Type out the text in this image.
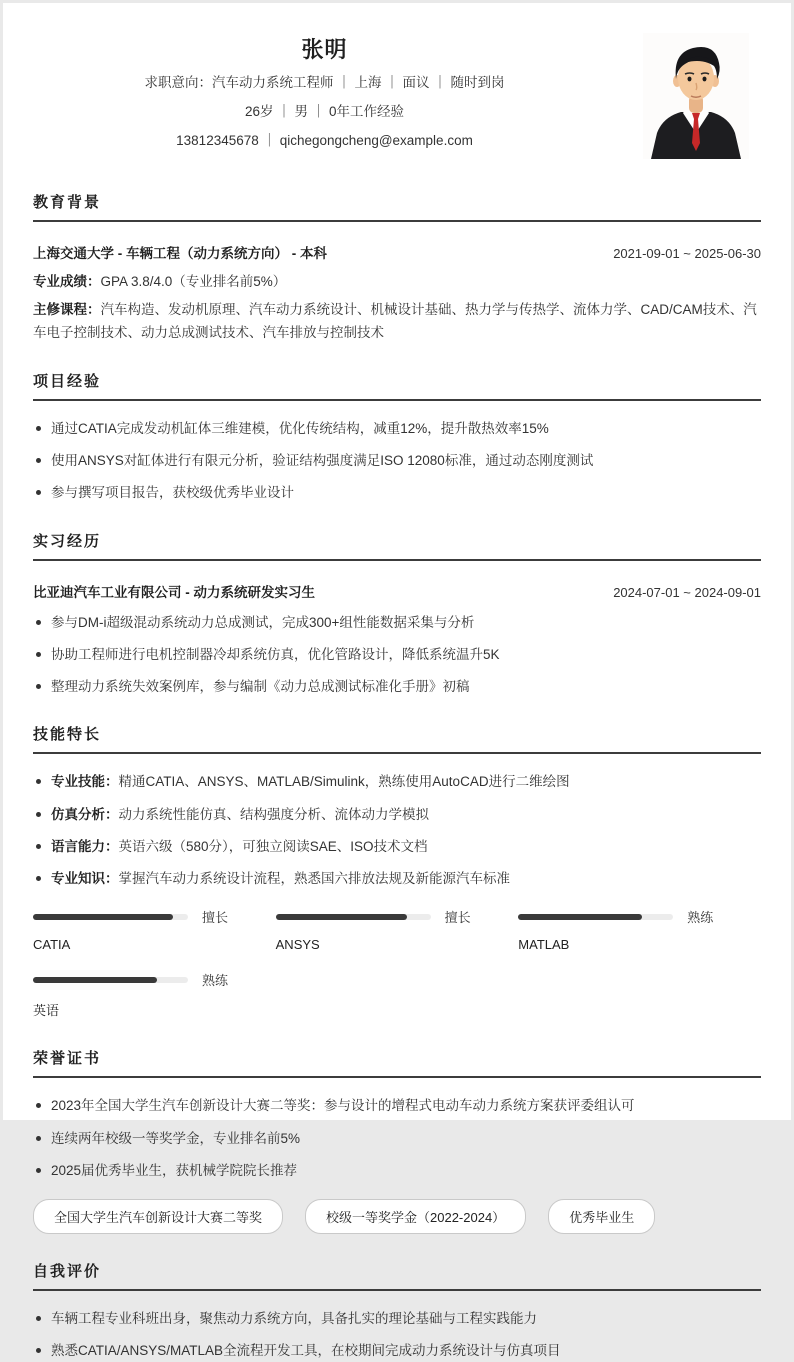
张明
求职意向：汽车动力系统工程师 ｜ 上海 ｜ 面议 ｜ 随时到岗
26岁 ｜ 男 ｜ 0年工作经验
13812345678 ｜ qichegongcheng@example.com
教育背景
上海交通大学 - 车辆工程（动力系统方向） - 本科	2021-09-01 ~ 2025-06-30
专业成绩：GPA 3.8/4.0（专业排名前5%）
主修课程：汽车构造、发动机原理、汽车动力系统设计、机械设计基础、热力学与传热学、流体力学、CAD/CAM技术、汽车电子控制技术、动力总成测试技术、汽车排放与控制技术
项目经验
通过CATIA完成发动机缸体三维建模，优化传统结构，减重12%，提升散热效率15%
使用ANSYS对缸体进行有限元分析，验证结构强度满足ISO 12080标准，通过动态刚度测试
参与撰写项目报告，获校级优秀毕业设计
实习经历
比亚迪汽车工业有限公司 - 动力系统研发实习生	2024-07-01 ~ 2024-09-01
参与DM-i超级混动系统动力总成测试，完成300+组性能数据采集与分析
协助工程师进行电机控制器冷却系统仿真，优化管路设计，降低系统温升5K
整理动力系统失效案例库，参与编制《动力总成测试标准化手册》初稿
技能特长
专业技能：精通CATIA、ANSYS、MATLAB/Simulink，熟练使用AutoCAD进行二维绘图
仿真分析：动力系统性能仿真、结构强度分析、流体动力学模拟
语言能力：英语六级（580分），可独立阅读SAE、ISO技术文档
专业知识：掌握汽车动力系统设计流程，熟悉国六排放法规及新能源汽车标准
擅长
CATIA
擅长
ANSYS
熟练
MATLAB
熟练
英语
荣誉证书
2023年全国大学生汽车创新设计大赛二等奖：参与设计的增程式电动车动力系统方案获评委组认可
连续两年校级一等奖学金，专业排名前5%
2025届优秀毕业生，获机械学院院长推荐
全国大学生汽车创新设计大赛二等奖	校级一等奖学金（2022-2024）	优秀毕业生
自我评价
车辆工程专业科班出身，聚焦动力系统方向，具备扎实的理论基础与工程实践能力
熟悉CATIA/ANSYS/MATLAB全流程开发工具，在校期间完成动力系统设计与仿真项目
